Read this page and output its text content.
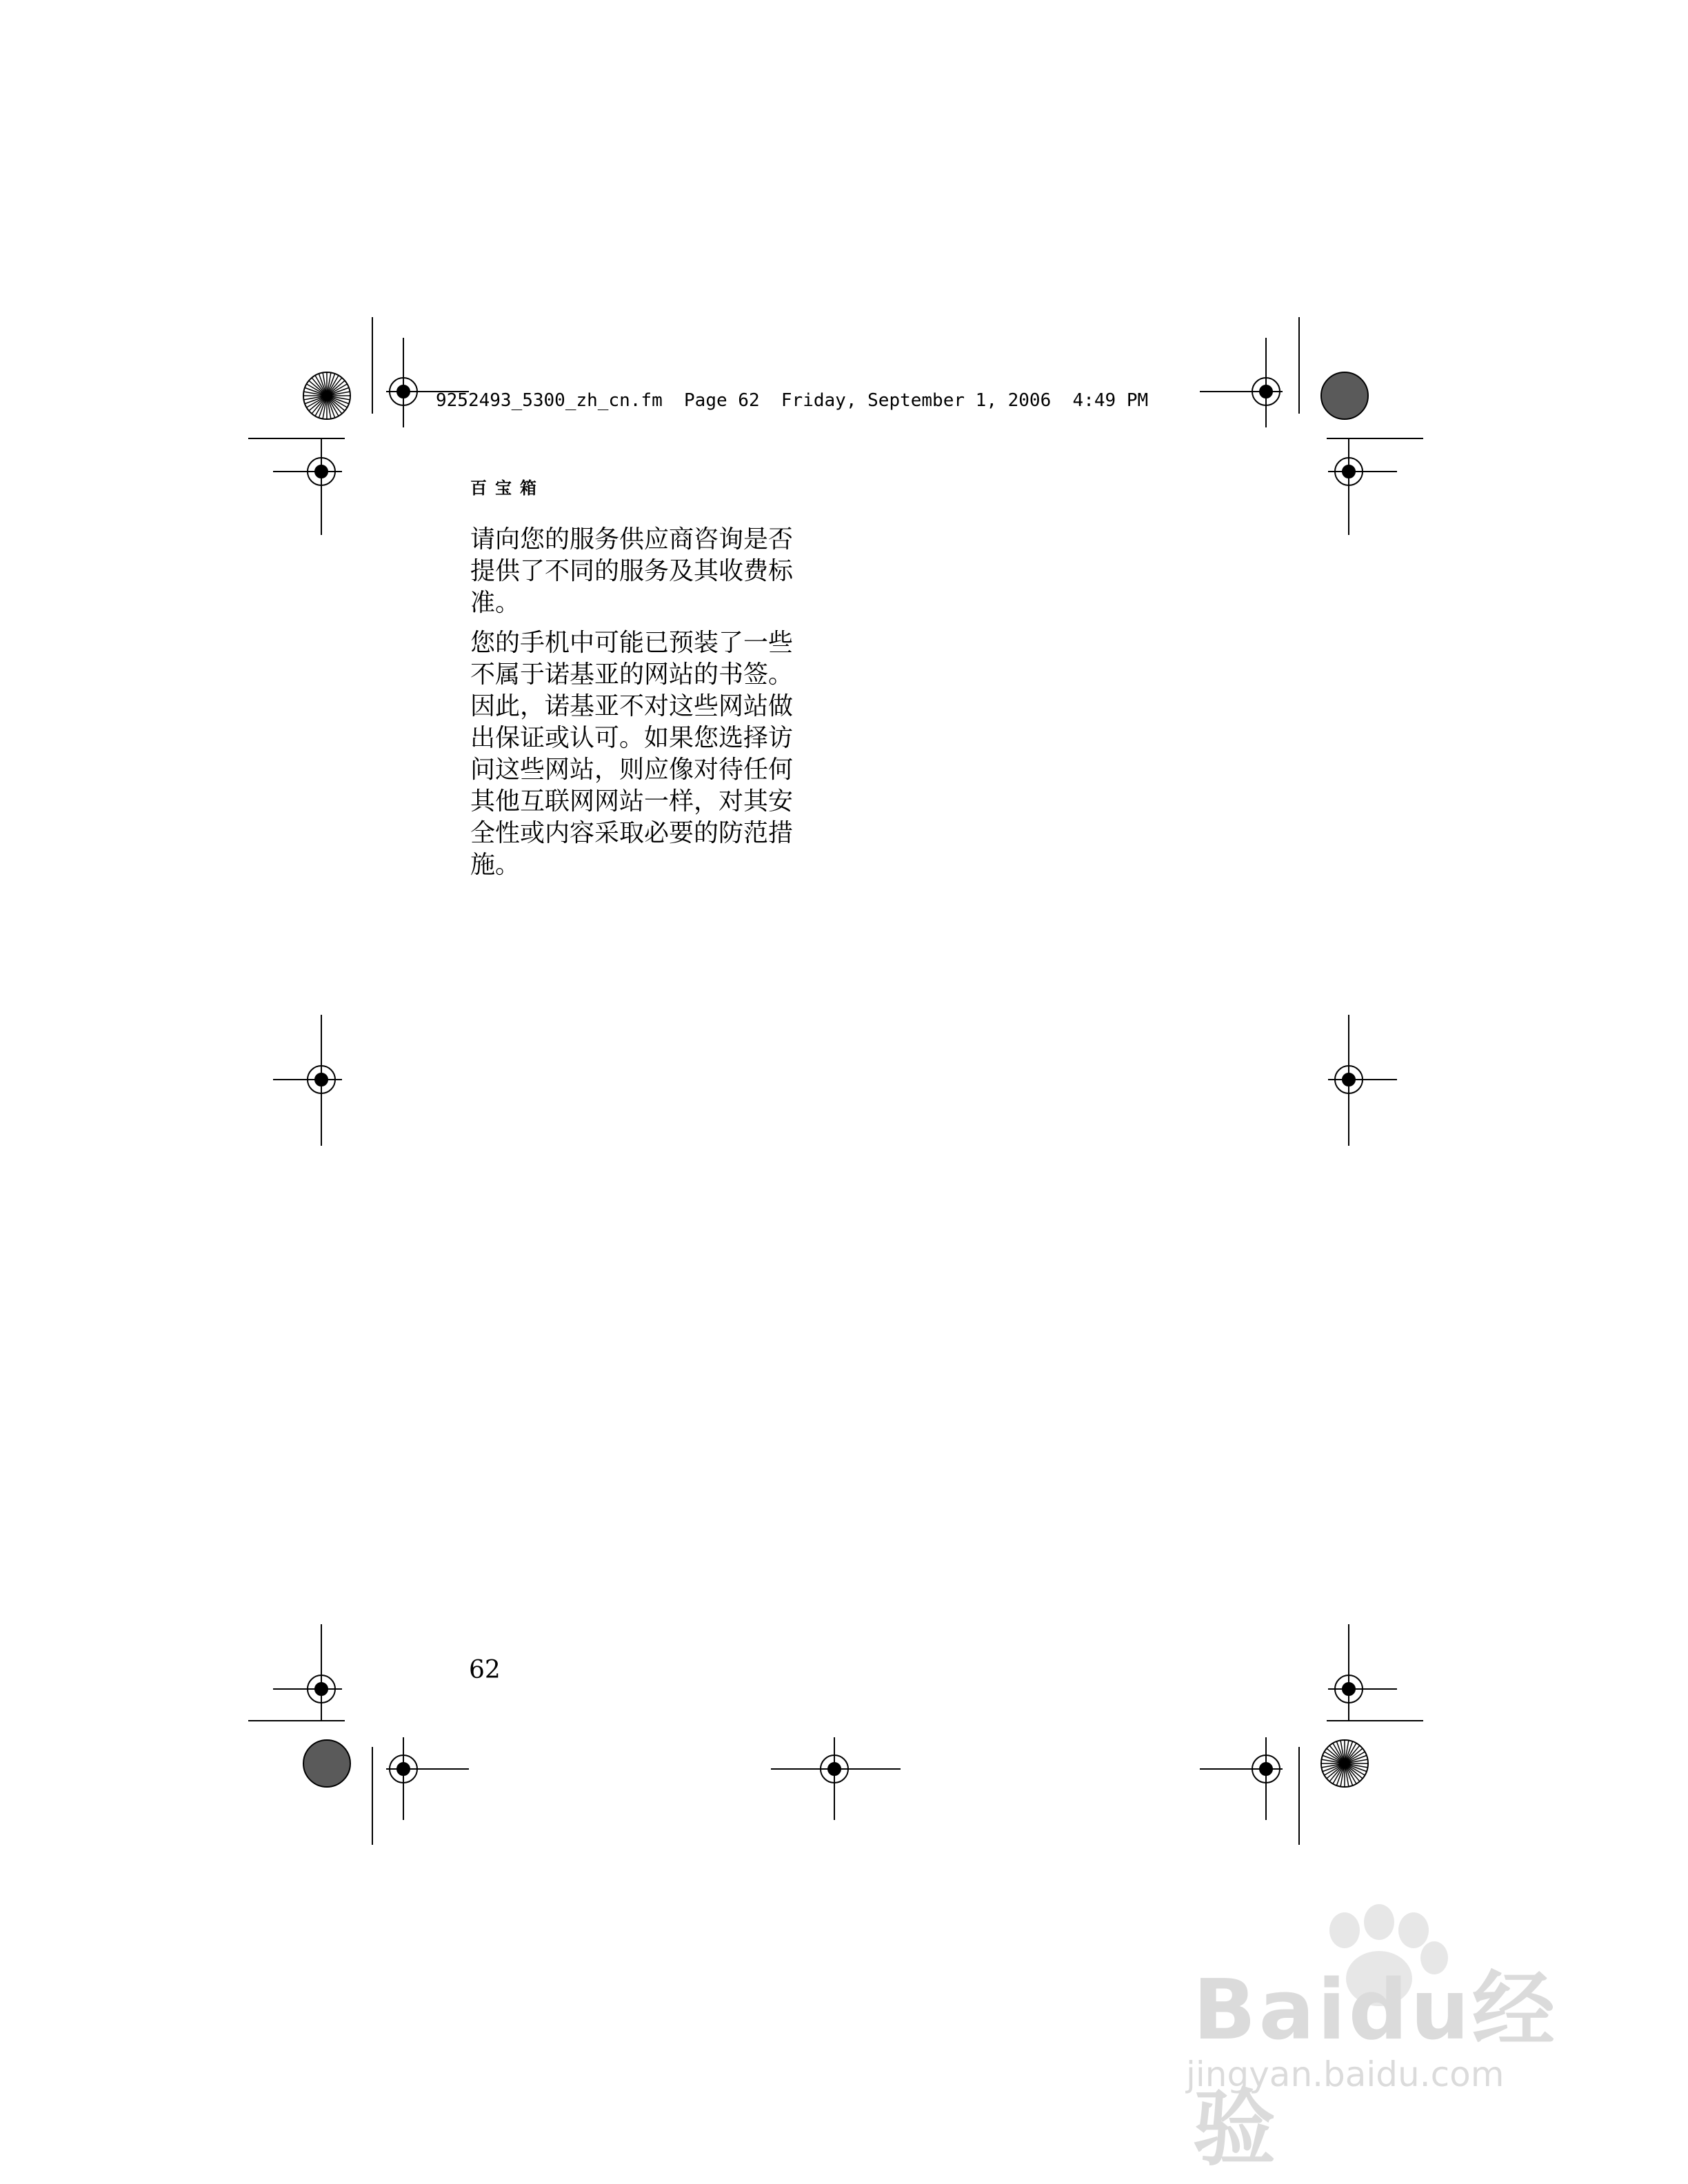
9252493_5300_zh_cn.fm  Page 62  Friday, September 1, 2006  4:49 PM
百宝箱

请向您的服务供应商咨询是否提供了不同的服务及其收费标准。

您的手机中可能已预装了一些不属于诺基亚的网站的书签。因此，诺基亚不对这些网站做出保证或认可。如果您选择访问这些网站，则应像对待任何其他互联网网站一样，对其安全性或内容采取必要的防范措施。

62
Baidu经验
jingyan.baidu.com
